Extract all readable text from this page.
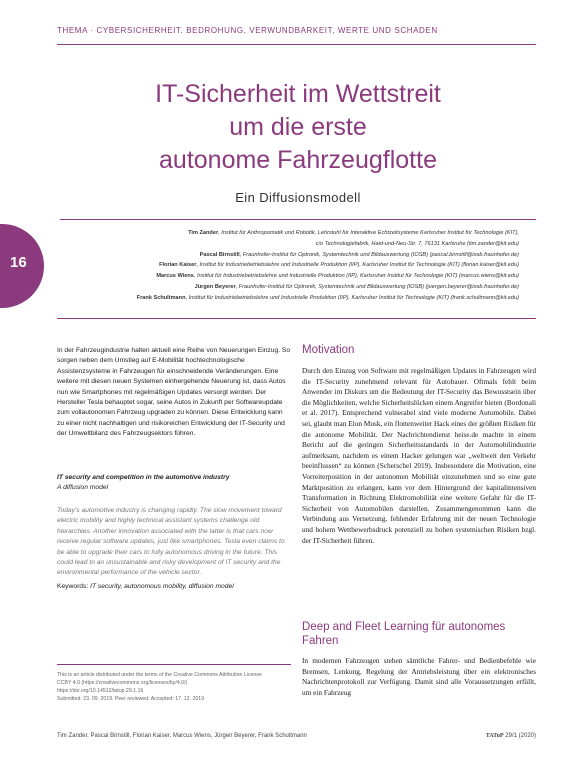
THEMA · CYBERSICHERHEIT. BEDROHUNG, VERWUNDBARKEIT, WERTE UND SCHADEN
IT-Sicherheit im Wettstreit
um die erste
autonome Fahrzeugflotte
Ein Diffusionsmodell
16
Tim Zander, Institut für Anthropomatik und Robotik, Lehrstuhl für Interaktive Echtzeitsysteme Karlsruher Institut für Technologie (KIT),
c/o Technologiefabrik, Haid-und-Neu-Str. 7, 76131 Karlsruhe (tim.zander@kit.edu)
Pascal Birnstill, Fraunhofer-Institut für Optronik, Systemtechnik und Bildauswertung (IOSB) (pascal.birnstill@iosb.fraunhofer.de)
Florian Kaiser, Institut für Industriebetriebslehre und Industrielle Produktion (IIP), Karlsruher Institut für Technologie (KIT) (florian.kaiser@kit.edu)
Marcus Wiens, Institut für Industriebetriebslehre und Industrielle Produktion (IIP), Karlsruher Institut für Technologie (KIT) (marcus.wiens@kit.edu)
Jürgen Beyerer, Fraunhofer-Institut für Optronik, Systemtechnik und Bildauswertung (IOSB) (juergen.beyerer@iosb.fraunhofer.de)
Frank Schultmann, Institut für Industriebetriebslehre und Industrielle Produktion (IIP), Karlsruher Institut für Technologie (KIT) (frank.schultmann@kit.edu)
In der Fahrzeugindustrie halten aktuell eine Reihe von Neuerungen Einzug. So sorgen neben dem Umstieg auf E-Mobilität hochtechnologische Assistenzsysteme in Fahrzeugen für einschneidende Veränderungen. Eine weitere mit diesen neuen Systemen einhergehende Neuerung ist, dass Autos nun wie Smartphones mit regelmäßigen Updates versorgt werden. Der Hersteller Tesla behauptet sogar, seine Autos in Zukunft per Softwareupdate zum vollautonomen Fahrzeug upgraden zu können. Diese Entwicklung kann zu einer nicht nachhaltigen und risikoreichen Entwicklung der IT-Security und der Umweltbilanz des Fahrzeugsektors führen.
IT security and competition in the automotive industry
A diffusion model
Today's automotive industry is changing rapidly. The slow movement toward electric mobility and highly technical assistant systems challenge old hierarchies. Another innovation associated with the latter is that cars now receive regular software updates, just like smartphones. Tesla even claims to be able to upgrade their cars to fully autonomous driving in the future. This could lead to an unsustainable and risky development of IT security and the environmental performance of the vehicle sector.
Keywords: IT security, autonomous mobility, diffusion model
This is an article distributed under the terms of the Creative Commons Attribution License
CCBY 4.0 (https://creativecommons.org/licenses/by/4.0/)
https://doi.org/10.14512/tatup.29.1.16
Submitted: 23. 09. 2019. Peer reviewed. Accepted: 17. 12. 2019
Motivation
Durch den Einzug von Software mit regelmäßigen Updates in Fahrzeugen wird die IT-Security zunehmend relevant für Autobauer. Oftmals fehlt beim Anwender im Diskurs um die Bedeutung der IT-Security das Bewusstsein über die Möglichkeiten, welche Sicherheitslücken einem Angreifer bieten (Bordonali et al. 2017). Entsprechend vulnerabel sind viele moderne Automobile. Dabei sei, glaubt man Elon Musk, ein flottenweiter Hack eines der größten Risiken für die autonome Mobilität. Der Nachrichtendienst heise.de machte in einem Bericht auf die geringen Sicherheitsstandards in der Automobilindustrie aufmerksam, nachdem es einem Hacker gelungen war „weltweit den Verkehr beeinflussen“ zu können (Scherschel 2019). Insbesondere die Motivation, eine Vorreiterposition in der autonomen Mobilität einzunehmen und so eine gute Marktposition zu erlangen, kann vor dem Hintergrund der kapitalintensiven Transformation in Richtung Elektromobilität eine weitere Gefahr für die IT-Sicherheit von Automobilen darstellen. Zusammengenommen kann die Verbindung aus Vernetzung, fehlender Erfahrung mit der neuen Technologie und hohem Wettbewerbsdruck potenziell zu hohen systemischen Risiken bzgl. der IT-Sicherheit führen.
Deep and Fleet Learning für autonomes Fahren
In modernen Fahrzeugen stehen sämtliche Fahrer- und Bedienbefehle wie Bremsen, Lenkung, Regelung der Antriebsleistung über ein elektronisches Nachrichtenprotokoll zur Verfügung. Damit sind alle Voraussetzungen erfüllt, um ein Fahrzeug
Tim Zander, Pascal Birnstill, Florian Kaiser, Marcus Wiens, Jürgen Beyerer, Frank Schultmann	TATuP 29/1 (2020)
